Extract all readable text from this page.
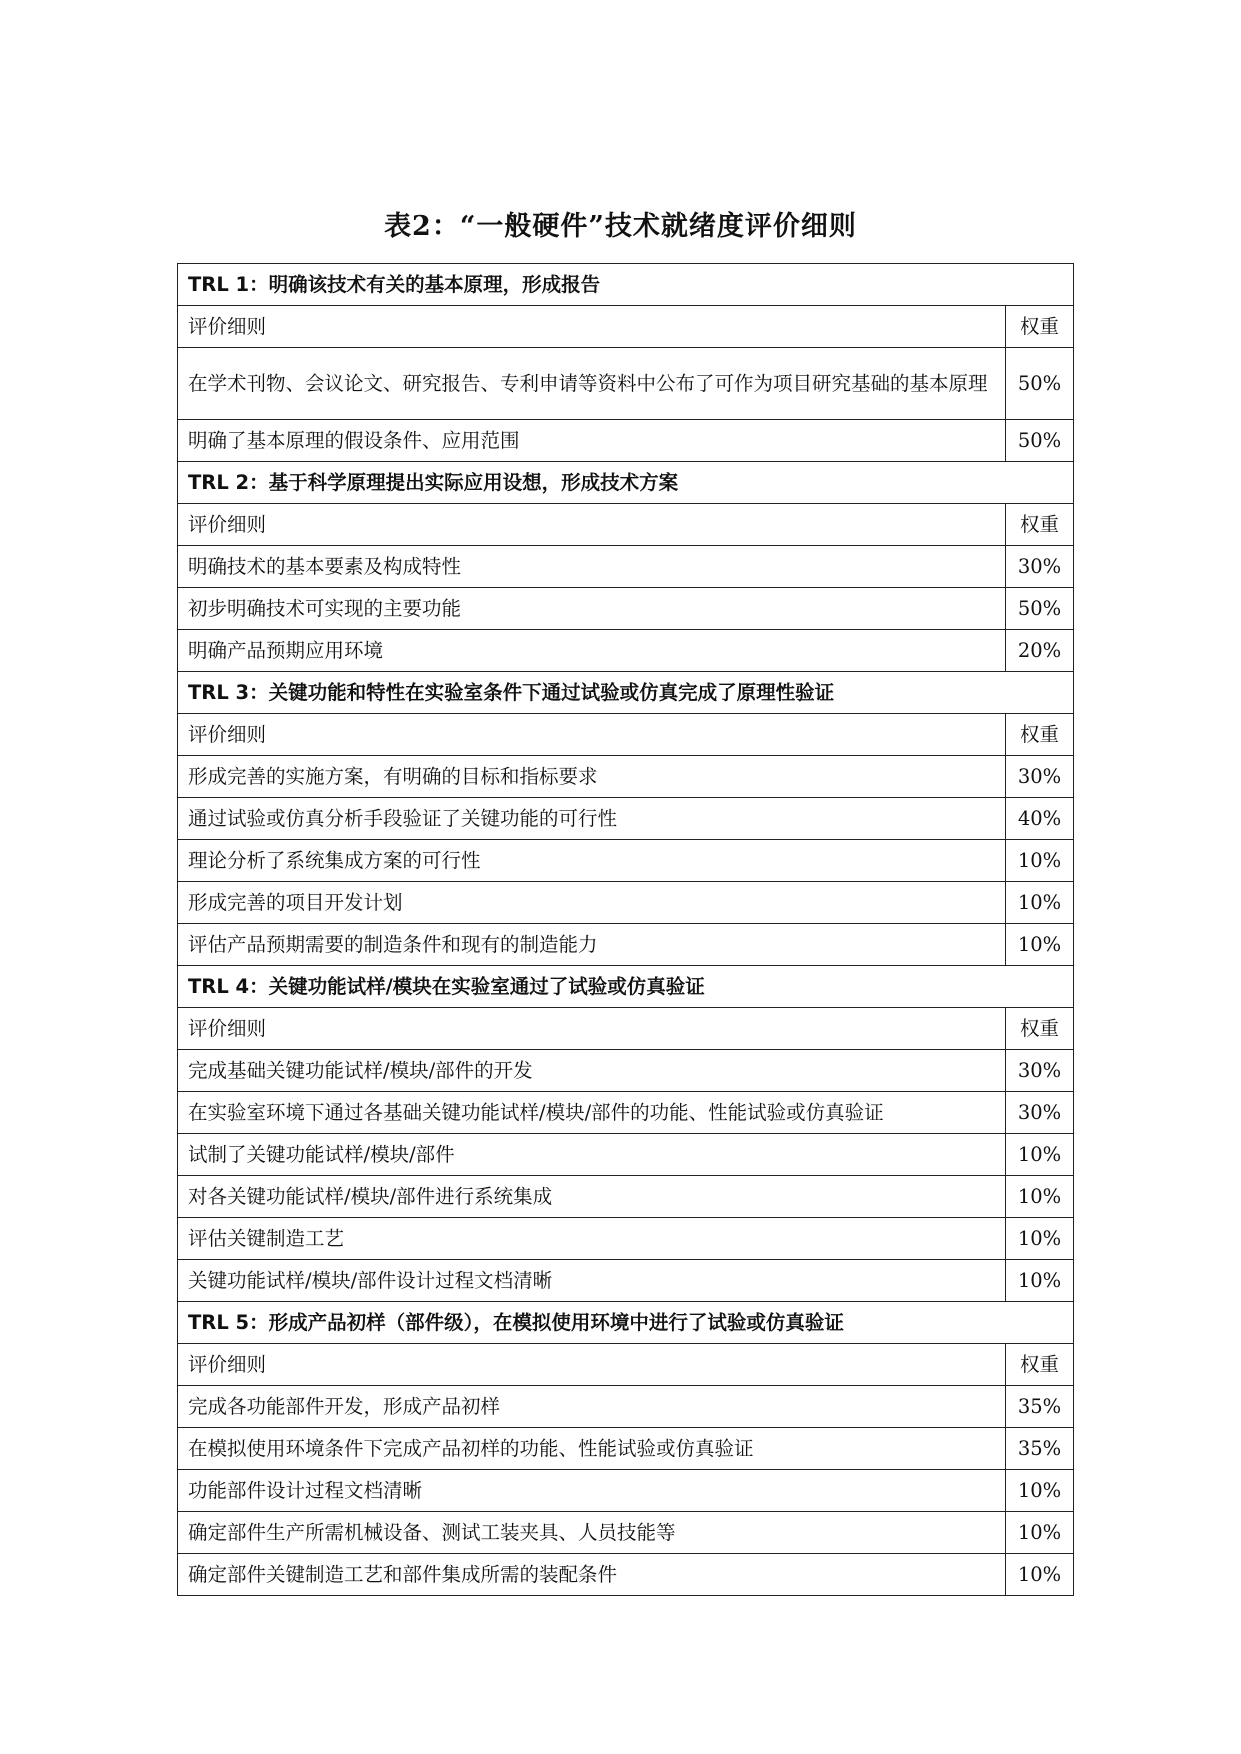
表2：“一般硬件”技术就绪度评价细则
TRL 1：明确该技术有关的基本原理，形成报告	
评价细则	权重
在学术刊物、会议论文、研究报告、专利申请等资料中公布了可作为项目研究基础的基本原理	50%
明确了基本原理的假设条件、应用范围	50%
TRL 2：基于科学原理提出实际应用设想，形成技术方案	
评价细则	权重
明确技术的基本要素及构成特性	30%
初步明确技术可实现的主要功能	50%
明确产品预期应用环境	20%
TRL 3：关键功能和特性在实验室条件下通过试验或仿真完成了原理性验证	
评价细则	权重
形成完善的实施方案，有明确的目标和指标要求	30%
通过试验或仿真分析手段验证了关键功能的可行性	40%
理论分析了系统集成方案的可行性	10%
形成完善的项目开发计划	10%
评估产品预期需要的制造条件和现有的制造能力	10%
TRL 4：关键功能试样/模块在实验室通过了试验或仿真验证	
评价细则	权重
完成基础关键功能试样/模块/部件的开发	30%
在实验室环境下通过各基础关键功能试样/模块/部件的功能、性能试验或仿真验证	30%
试制了关键功能试样/模块/部件	10%
对各关键功能试样/模块/部件进行系统集成	10%
评估关键制造工艺	10%
关键功能试样/模块/部件设计过程文档清晰	10%
TRL 5：形成产品初样（部件级），在模拟使用环境中进行了试验或仿真验证	
评价细则	权重
完成各功能部件开发，形成产品初样	35%
在模拟使用环境条件下完成产品初样的功能、性能试验或仿真验证	35%
功能部件设计过程文档清晰	10%
确定部件生产所需机械设备、测试工装夹具、人员技能等	10%
确定部件关键制造工艺和部件集成所需的装配条件	10%
